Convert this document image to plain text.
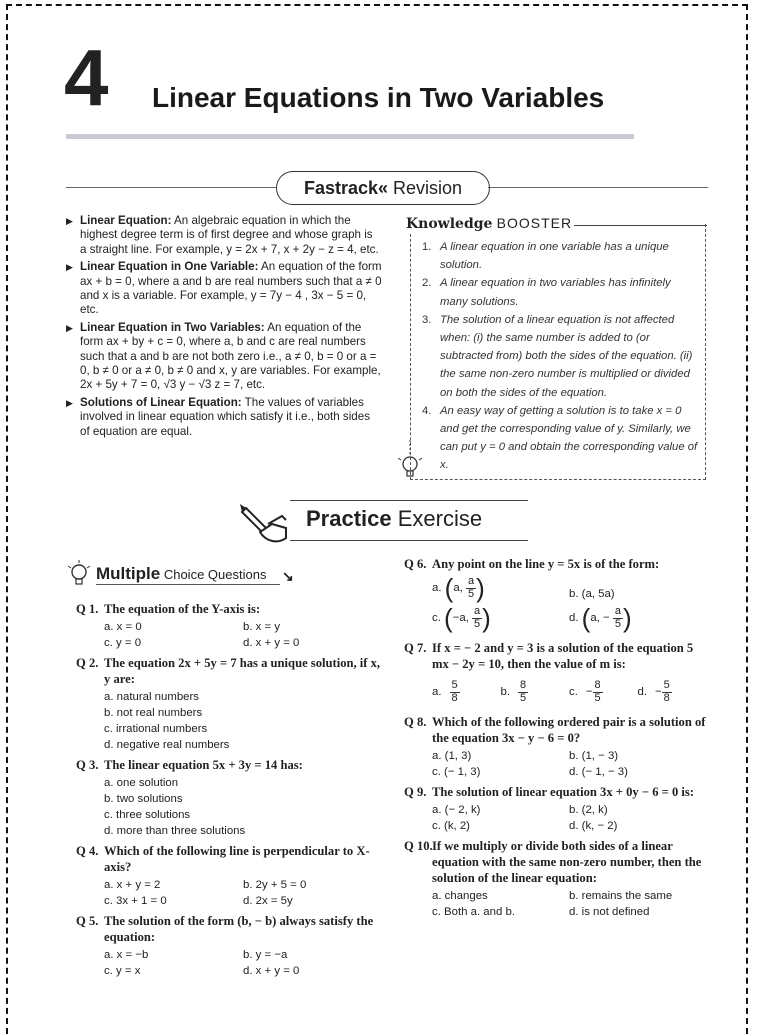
4 Linear Equations in Two Variables
Fastrack« Revision
▶ Linear Equation: An algebraic equation in which the highest degree term is of first degree and whose graph is a straight line. For example, y = 2x + 7, x + 2y − z = 4, etc.
▶ Linear Equation in One Variable: An equation of the form ax + b = 0, where a and b are real numbers such that a ≠ 0 and x is a variable. For example, y = 7y − 4 , 3x − 5 = 0, etc.
▶ Linear Equation in Two Variables: An equation of the form ax + by + c = 0, where a, b and c are real numbers such that a and b are not both zero i.e., a ≠ 0, b = 0 or a = 0, b ≠ 0 or a ≠ 0, b ≠ 0 and x, y are variables. For example, 2x + 5y + 7 = 0, √3 y − √3 z = 7, etc.
▶ Solutions of Linear Equation: The values of variables involved in linear equation which satisfy it i.e., both sides of equation are equal.
Knowledge BOOSTER
1. A linear equation in one variable has a unique solution.
2. A linear equation in two variables has infinitely many solutions.
3. The solution of a linear equation is not affected when: (i) the same number is added to (or subtracted from) both the sides of the equation. (ii) the same non-zero number is multiplied or divided on both the sides of the equation.
4. An easy way of getting a solution is to take x = 0 and get the corresponding value of y. Similarly, we can put y = 0 and obtain the corresponding value of x.
Practice Exercise
Multiple Choice Questions ↘
Q 1. The equation of the Y-axis is:
a. x = 0	b. x = y
c. y = 0	d. x + y = 0
Q 2. The equation 2x + 5y = 7 has a unique solution, if x, y are:
a. natural numbers
b. not real numbers
c. irrational numbers
d. negative real numbers
Q 3. The linear equation 5x + 3y = 14 has:
a. one solution
b. two solutions
c. three solutions
d. more than three solutions
Q 4. Which of the following line is perpendicular to X-axis?
a. x + y = 2	b. 2y + 5 = 0
c. 3x + 1 = 0	d. 2x = 5y
Q 5. The solution of the form (b, − b) always satisfy the equation:
a. x = −b	b. y = −a
c. y = x	d. x + y = 0
Q 6. Any point on the line y = 5x is of the form:
a. (a, $\frac{a}{5}$ )	b. (a, 5a)
c. (−a, $\frac{a}{5}$ )	d. (a, − $\frac{a}{5}$ )
Q 7. If x = − 2 and y = 3 is a solution of the equation 5 mx − 2y = 10, then the value of m is:
a. $\frac{5}{8}$	b. $\frac{8}{5}$	c. − $\frac{8}{5}$	d. − $\frac{5}{8}$
Q 8. Which of the following ordered pair is a solution of the equation 3x − y − 6 = 0?
a. (1, 3)	b. (1, − 3)
c. (− 1, 3)	d. (− 1, − 3)
Q 9. The solution of linear equation 3x + 0y − 6 = 0 is:
a. (− 2, k)	b. (2, k)
c. (k, 2)	d. (k, − 2)
Q 10. If we multiply or divide both sides of a linear equation with the same non-zero number, then the solution of the linear equation:
a. changes	b. remains the same
c. Both a. and b.	d. is not defined
